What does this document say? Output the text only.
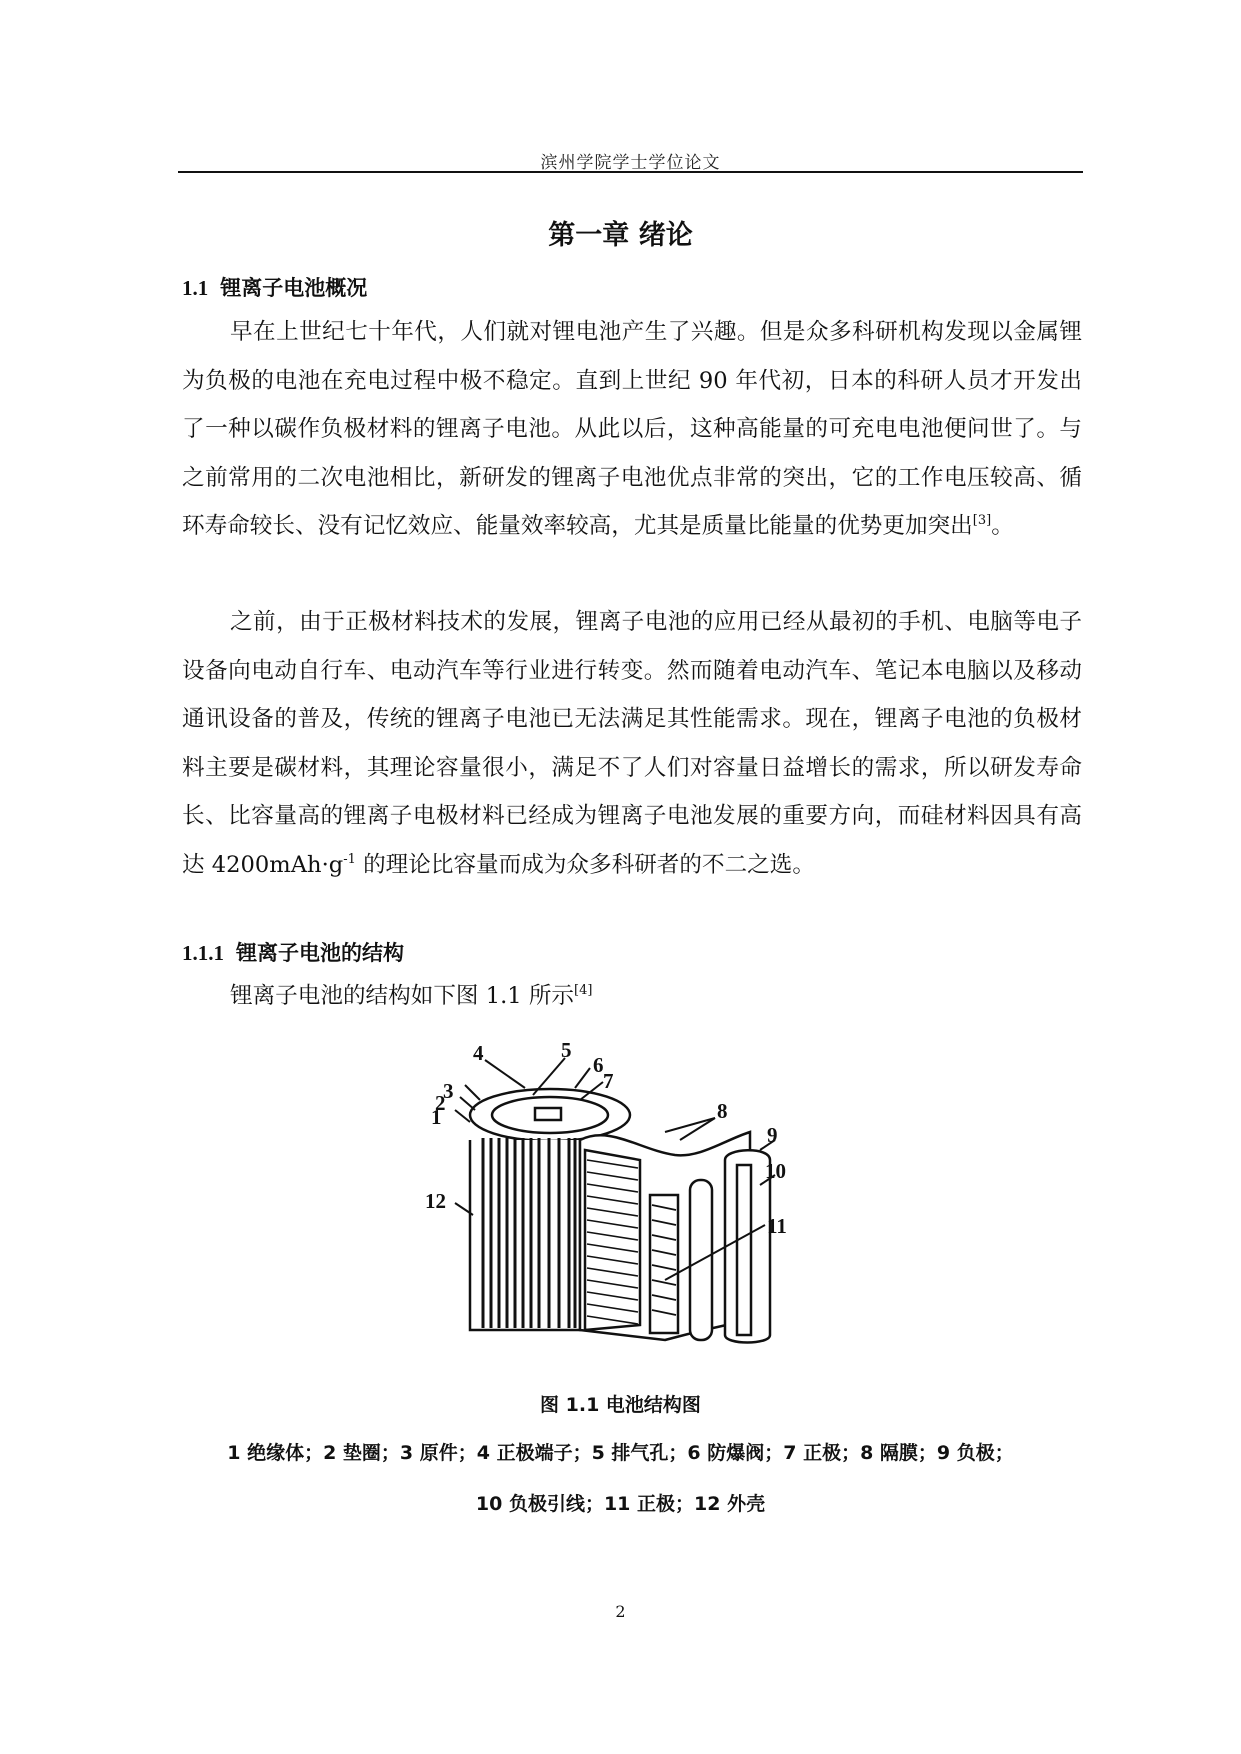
滨州学院学士学位论文
第一章 绪论
1.1 锂离子电池概况
早在上世纪七十年代，人们就对锂电池产生了兴趣。但是众多科研机构发现以金属锂为负极的电池在充电过程中极不稳定。直到上世纪 90 年代初，日本的科研人员才开发出了一种以碳作负极材料的锂离子电池。从此以后，这种高能量的可充电电池便问世了。与之前常用的二次电池相比，新研发的锂离子电池优点非常的突出，它的工作电压较高、循环寿命较长、没有记忆效应、能量效率较高，尤其是质量比能量的优势更加突出[3]。
之前，由于正极材料技术的发展，锂离子电池的应用已经从最初的手机、电脑等电子设备向电动自行车、电动汽车等行业进行转变。然而随着电动汽车、笔记本电脑以及移动通讯设备的普及，传统的锂离子电池已无法满足其性能需求。现在，锂离子电池的负极材料主要是碳材料，其理论容量很小，满足不了人们对容量日益增长的需求，所以研发寿命长、比容量高的锂离子电极材料已经成为锂离子电池发展的重要方向，而硅材料因具有高达 $4200mAh\cdot g^{-1}$ 的理论比容量而成为众多科研者的不二之选。
1.1.1 锂离子电池的结构
锂离子电池的结构如下图 1.1 所示[4]
3
2
1
4	5
6
7
8
9
10
11
12
图 1.1 电池结构图
1 绝缘体；2 垫圈；3 原件；4 正极端子；5 排气孔；6 防爆阀；7 正极；8 隔膜；9 负极；
10 负极引线；11 正极；12 外壳
2
